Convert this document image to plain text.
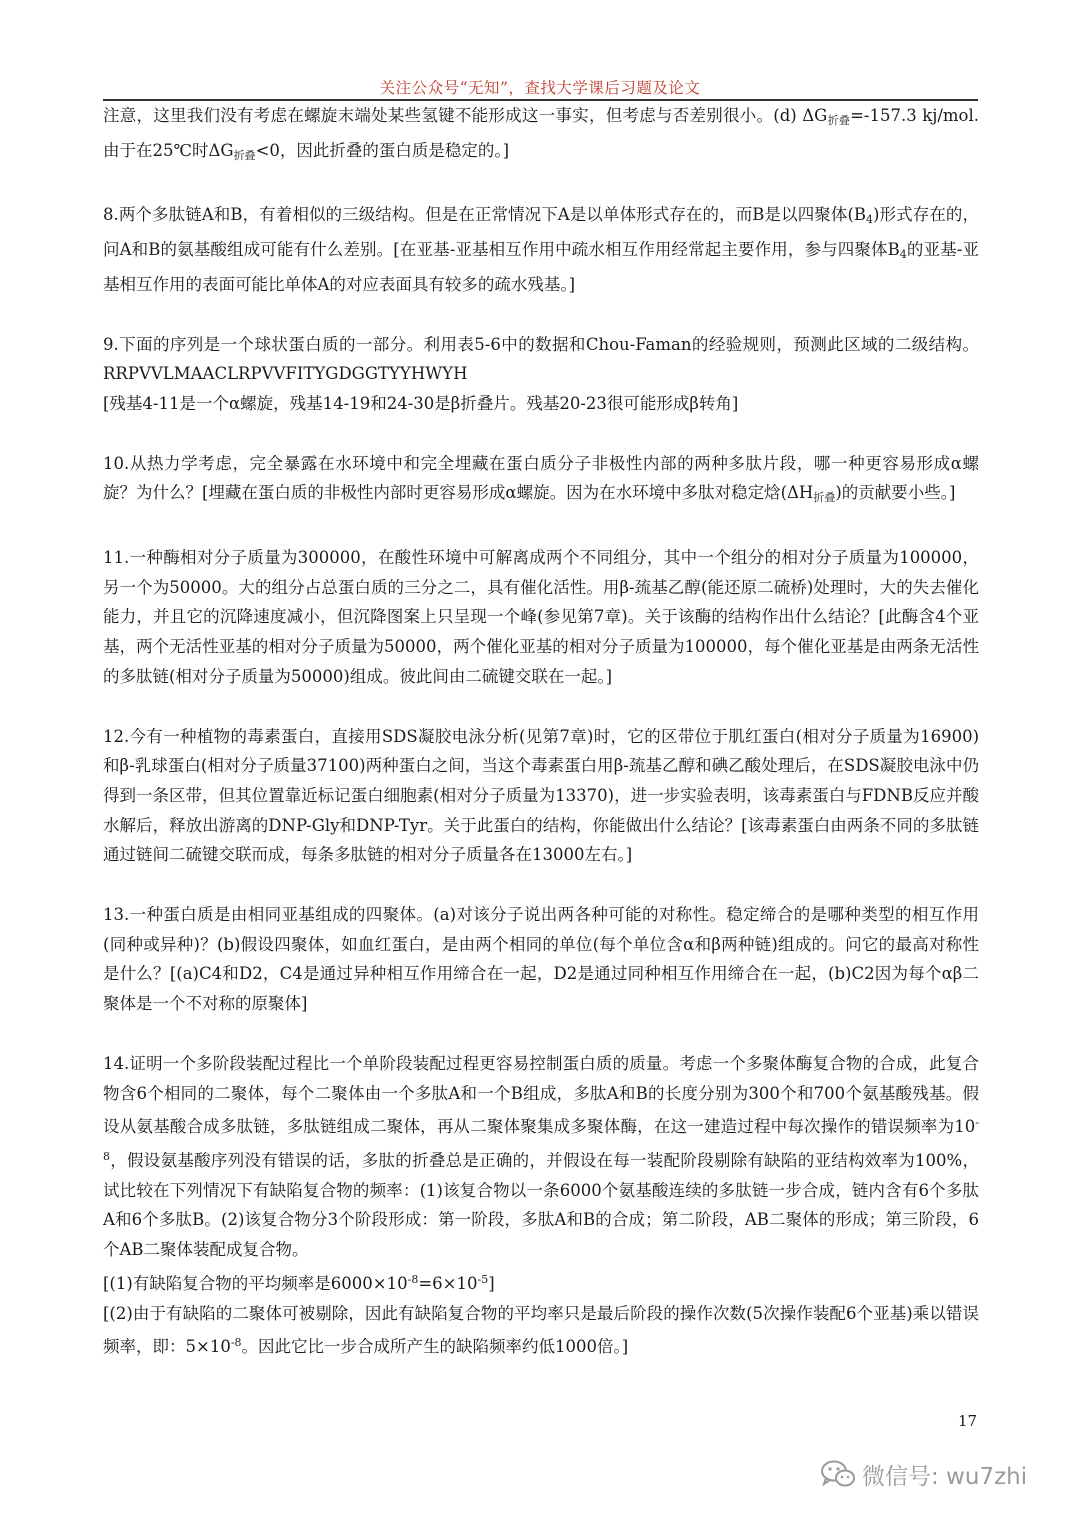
关注公众号“无知”，查找大学课后习题及论文

注意，这里我们没有考虑在螺旋末端处某些氢键不能形成这一事实，但考虑与否差别很小。(d) $\Delta G_{折叠}=-157.3$ kj/mol.由于在25℃时$\Delta G_{折叠}<0$，因此折叠的蛋白质是稳定的。]

8.两个多肽链A和B，有着相似的三级结构。但是在正常情况下A是以单体形式存在的，而B是以四聚体$(B_4)$形式存在的，问A和B的氨基酸组成可能有什么差别。[在亚基-亚基相互作用中疏水相互作用经常起主要作用，参与四聚体$B_4$的亚基-亚基相互作用的表面可能比单体A的对应表面具有较多的疏水残基。]

9.下面的序列是一个球状蛋白质的一部分。利用表5-6中的数据和Chou-Faman的经验规则，预测此区域的二级结构。RRPVVLMAACLRPVVFITYGDGGTYYHWYH

[残基4-11是一个α螺旋，残基14-19和24-30是β折叠片。残基20-23很可能形成β转角]

10.从热力学考虑，完全暴露在水环境中和完全埋藏在蛋白质分子非极性内部的两种多肽片段，哪一种更容易形成α螺旋？为什么？[埋藏在蛋白质的非极性内部时更容易形成α螺旋。因为在水环境中多肽对稳定焓$(\Delta H_{折叠})$的贡献要小些。]

11.一种酶相对分子质量为300000，在酸性环境中可解离成两个不同组分，其中一个组分的相对分子质量为100000，另一个为50000。大的组分占总蛋白质的三分之二，具有催化活性。用β-巯基乙醇(能还原二硫桥)处理时，大的失去催化能力，并且它的沉降速度减小，但沉降图案上只呈现一个峰(参见第7章)。关于该酶的结构作出什么结论？[此酶含4个亚基，两个无活性亚基的相对分子质量为50000，两个催化亚基的相对分子质量为100000，每个催化亚基是由两条无活性的多肽链(相对分子质量为50000)组成。彼此间由二硫键交联在一起。]

12.今有一种植物的毒素蛋白，直接用SDS凝胶电泳分析(见第7章)时，它的区带位于肌红蛋白(相对分子质量为16900)和β-乳球蛋白(相对分子质量37100)两种蛋白之间，当这个毒素蛋白用β-巯基乙醇和碘乙酸处理后，在SDS凝胶电泳中仍得到一条区带，但其位置靠近标记蛋白细胞素(相对分子质量为13370)，进一步实验表明，该毒素蛋白与FDNB反应并酸水解后，释放出游离的DNP-Gly和DNP-Tyr。关于此蛋白的结构，你能做出什么结论？[该毒素蛋白由两条不同的多肽链通过链间二硫键交联而成，每条多肽链的相对分子质量各在13000左右。]

13.一种蛋白质是由相同亚基组成的四聚体。(a)对该分子说出两各种可能的对称性。稳定缔合的是哪种类型的相互作用(同种或异种)？(b)假设四聚体，如血红蛋白，是由两个相同的单位(每个单位含α和β两种链)组成的。问它的最高对称性是什么？[(a)C4和D2，C4是通过异种相互作用缔合在一起，D2是通过同种相互作用缔合在一起，(b)C2因为每个αβ二聚体是一个不对称的原聚体]

14.证明一个多阶段装配过程比一个单阶段装配过程更容易控制蛋白质的质量。考虑一个多聚体酶复合物的合成，此复合物含6个相同的二聚体，每个二聚体由一个多肽A和一个B组成，多肽A和B的长度分别为300个和700个氨基酸残基。假设从氨基酸合成多肽链，多肽链组成二聚体，再从二聚体聚集成多聚体酶，在这一建造过程中每次操作的错误频率为$10^{-8}$，假设氨基酸序列没有错误的话，多肽的折叠总是正确的，并假设在每一装配阶段剔除有缺陷的亚结构效率为100%，试比较在下列情况下有缺陷复合物的频率：(1)该复合物以一条6000个氨基酸连续的多肽链一步合成，链内含有6个多肽A和6个多肽B。(2)该复合物分3个阶段形成：第一阶段，多肽A和B的合成；第二阶段，AB二聚体的形成；第三阶段，6个AB二聚体装配成复合物。

[(1)有缺陷复合物的平均频率是$6000\times 10^{-8}=6\times 10^{-5}$]

[(2)由于有缺陷的二聚体可被剔除，因此有缺陷复合物的平均率只是最后阶段的操作次数(5次操作装配6个亚基)乘以错误频率，即：$5\times 10^{-8}$。因此它比一步合成所产生的缺陷频率约低1000倍。]

17
微信号: wu7zhi
